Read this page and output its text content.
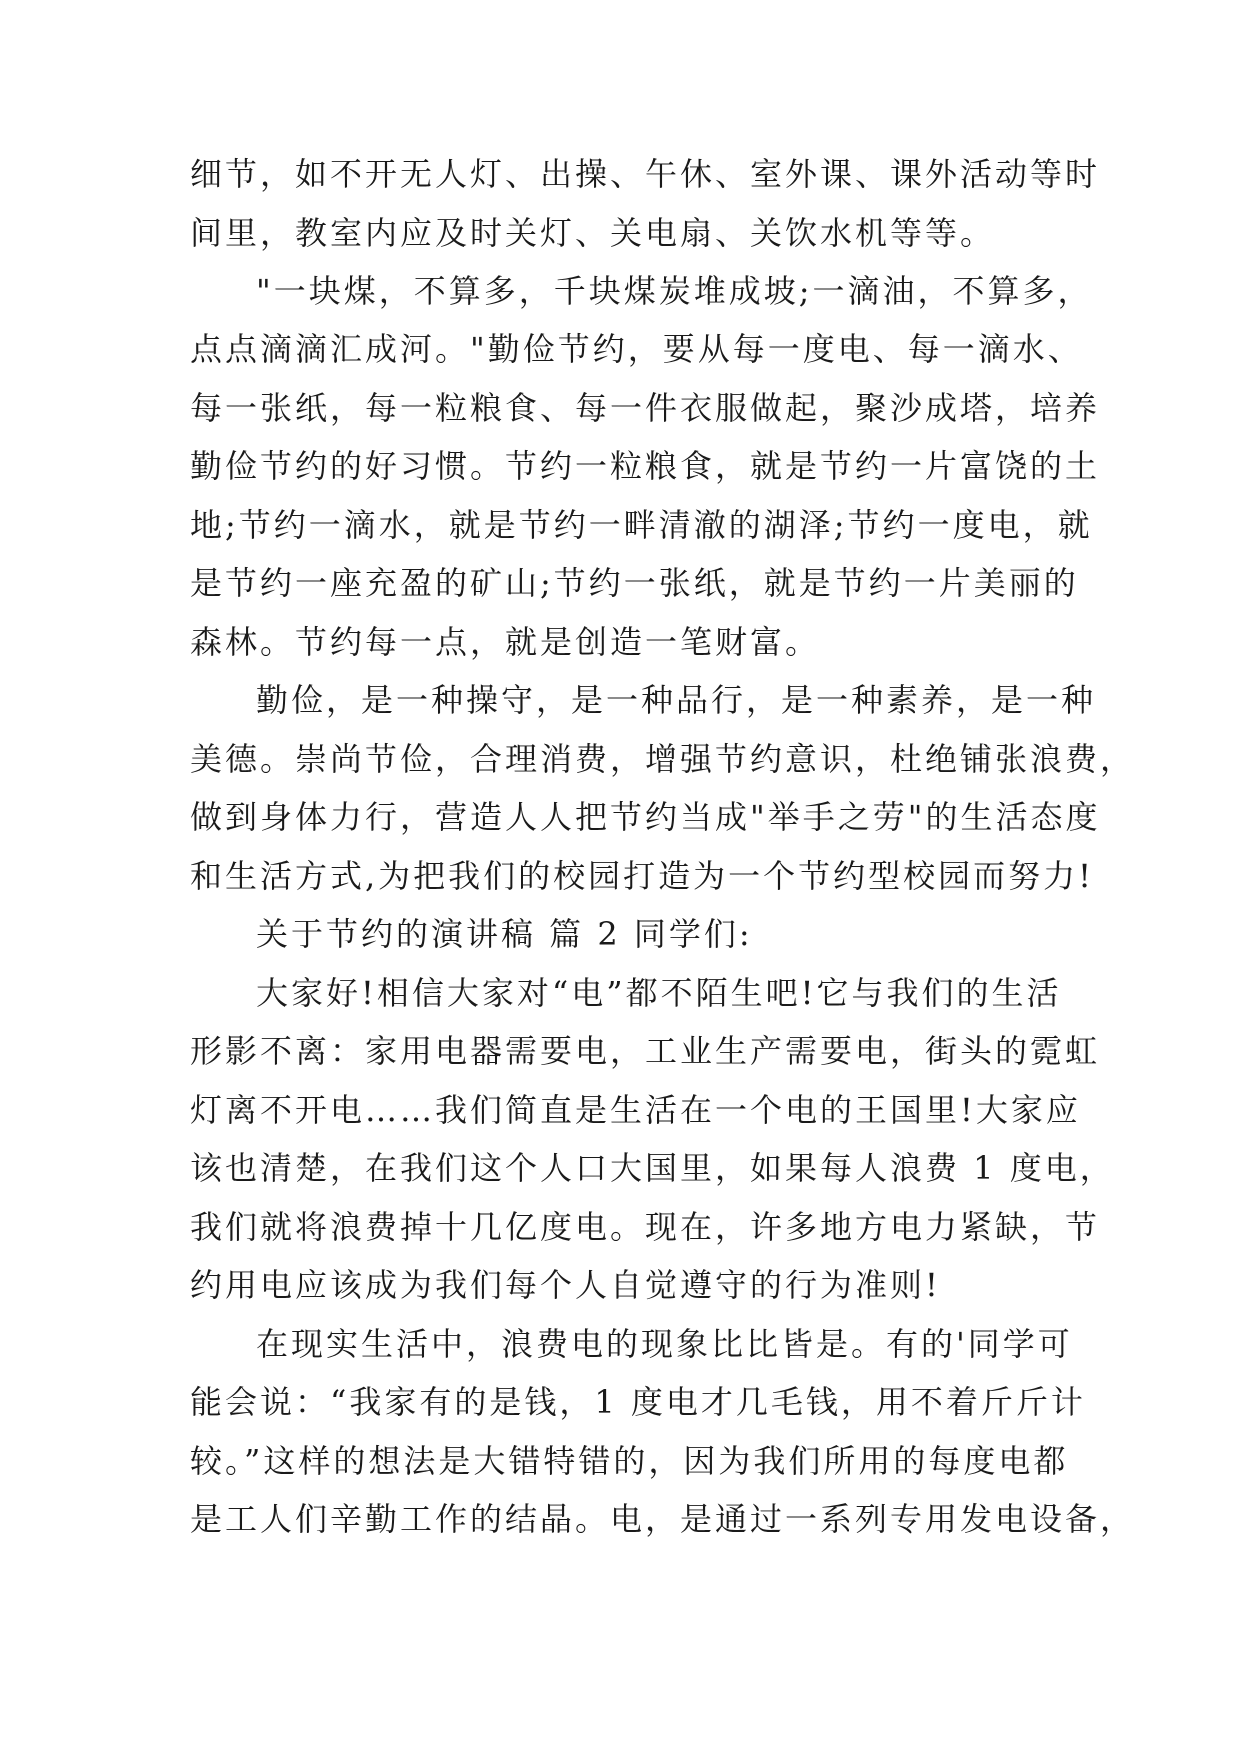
细节，如不开无人灯、出操、午休、室外课、课外活动等时
间里，教室内应及时关灯、关电扇、关饮水机等等。
"一块煤，不算多，千块煤炭堆成坡;一滴油，不算多，
点点滴滴汇成河。"勤俭节约，要从每一度电、每一滴水、
每一张纸，每一粒粮食、每一件衣服做起，聚沙成塔，培养
勤俭节约的好习惯。节约一粒粮食，就是节约一片富饶的土
地;节约一滴水，就是节约一畔清澈的湖泽;节约一度电，就
是节约一座充盈的矿山;节约一张纸，就是节约一片美丽的
森林。节约每一点，就是创造一笔财富。
勤俭，是一种操守，是一种品行，是一种素养，是一种
美德。崇尚节俭，合理消费，增强节约意识，杜绝铺张浪费，
做到身体力行，营造人人把节约当成"举手之劳"的生活态度
和生活方式,为把我们的校园打造为一个节约型校园而努力!
关于节约的演讲稿 篇 2 同学们:
大家好!相信大家对“电”都不陌生吧!它与我们的生活
形影不离：家用电器需要电，工业生产需要电，街头的霓虹
灯离不开电……我们简直是生活在一个电的王国里!大家应
该也清楚，在我们这个人口大国里，如果每人浪费 1 度电，
我们就将浪费掉十几亿度电。现在，许多地方电力紧缺，节
约用电应该成为我们每个人自觉遵守的行为准则!
在现实生活中，浪费电的现象比比皆是。有的'同学可
能会说：“我家有的是钱，1 度电才几毛钱，用不着斤斤计
较。”这样的想法是大错特错的，因为我们所用的每度电都
是工人们辛勤工作的结晶。电，是通过一系列专用发电设备，
